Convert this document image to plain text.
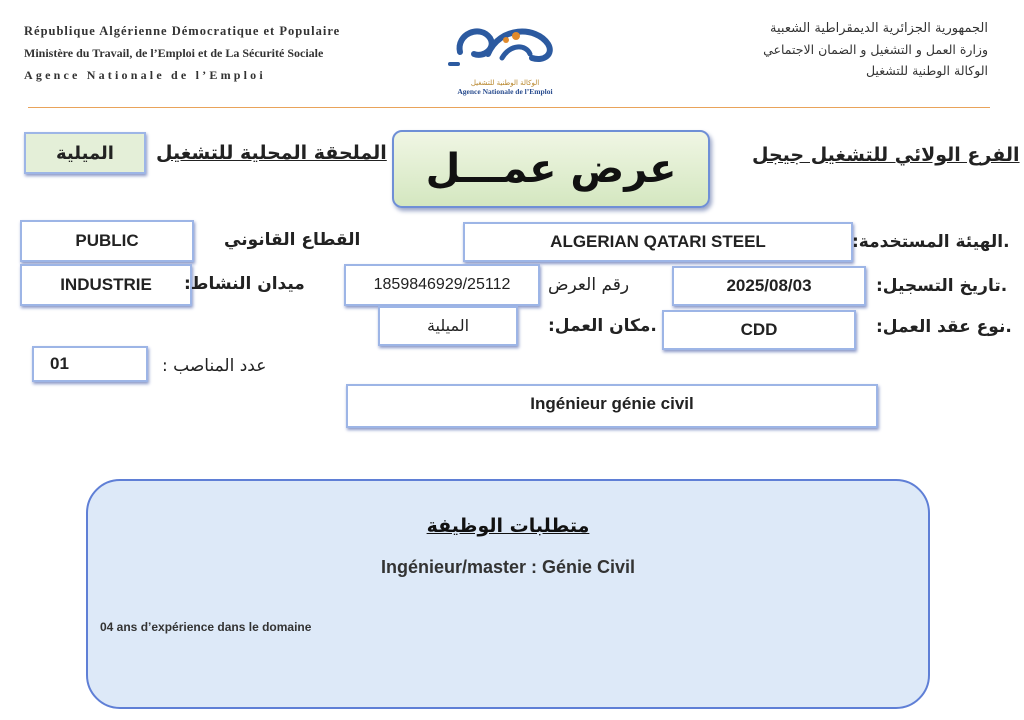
République Algérienne Démocratique et Populaire
Ministère du Travail, de l’Emploi et de La Sécurité Sociale
Agence Nationale de l’Emploi
الوكالة الوطنية للتشغيل
Agence Nationale de l’Emploi
الجمهورية الجزائرية الديمقراطية الشعبية
وزارة العمل و التشغيل و الضمان الاجتماعي
الوكالة الوطنية للتشغيل
الميلية الملحقة المحلية للتشغيل عرض عمـــل	الفرع الولائي للتشغيل جيجل
PUBLIC	القطاع القانوني	ALGERIAN QATARI STEEL	.الهيئة المستخدمة:
INDUSTRIE ميدان النشاط:	1859846929/25112 رقم العرض	2025/08/03	.تاريخ التسجيل:
الميلية	.مكان العمل:	CDD	.نوع عقد العمل:
01	عدد المناصب :
Ingénieur génie civil
متطلبات الوظيفة
Ingénieur/master : Génie Civil
04 ans d’expérience dans le domaine
